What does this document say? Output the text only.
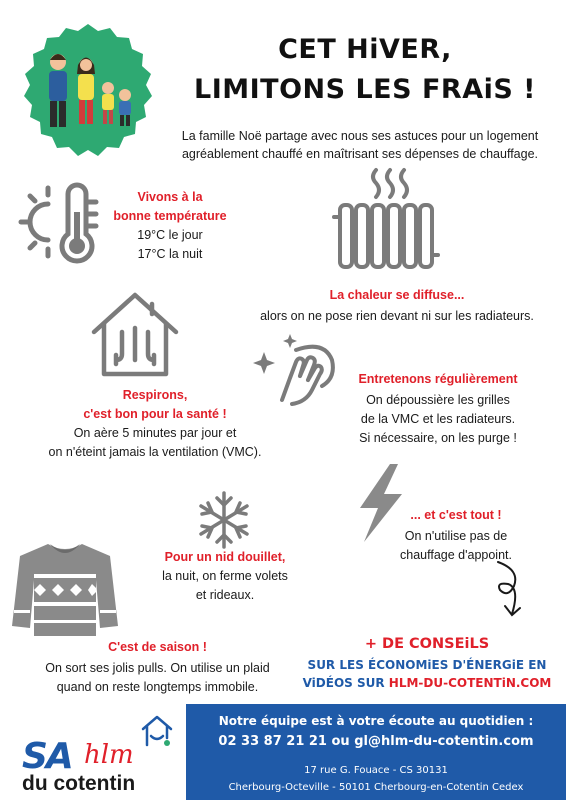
CET HiVER,
LIMITONS LES FRAiS !
La famille Noë partage avec nous ses astuces pour un logement
agréablement chauffé en maîtrisant ses dépenses de chauffage.
Vivons à la
bonne température
19°C le jour
17°C la nuit
La chaleur se diffuse...
alors on ne pose rien devant ni sur les radiateurs.
Entretenons régulièrement
On dépoussière les grilles
de la VMC et les radiateurs.
Si nécessaire, on les purge !
Respirons,
c'est bon pour la santé !
On aère 5 minutes par jour et
on n'éteint jamais la ventilation (VMC).
... et c'est tout !
On n'utilise pas de
chauffage d'appoint.
Pour un nid douillet,
la nuit, on ferme volets
et rideaux.
C'est de saison !
On sort ses jolis pulls. On utilise un plaid
quand on reste longtemps immobile.
+ DE CONSEiLS
SUR LES ÉCONOMiES D'ÉNERGiE EN
ViDÉOS SUR HLM-DU-COTENTiN.COM
SA hlm
du cotentin
Notre équipe est à votre écoute au quotidien :
02 33 87 21 21 ou gl@hlm-du-cotentin.com
17 rue G. Fouace - CS 30131
Cherbourg-Octeville - 50101 Cherbourg-en-Cotentin Cedex
